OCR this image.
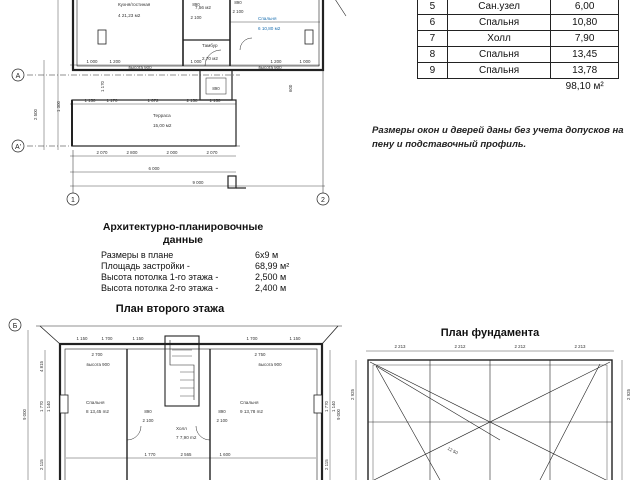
5	Сан.узел	6,00
6	Спальня	10,80
7	Холл	7,90
8	Спальня	13,45
9	Спальня	13,78
		98,10 м²
Размеры окон и дверей даны без учета допусков на пену и подставочный профиль.
Архитектурно-планировочные данные
Размеры в плане	6х9 м
Площадь застройки -	68,99 м²
Высота потолка 1-го этажа -	2,500 м
Высота потолка 2-го этажа -	2,400 м
План второго этажа
План фундамента
А
А'
1	2
Б
Кухня/гостиная
4 21,23 м2
7,56 м2
Спальня
6 10,80 м2
Тамбур
2,70 м2
Терраса
15,00 м2
1 000	1 200
высота 900
1 000	1 200
высота 900
1 000
1 150	1 170	1 672	2 158	1 150
2 070	2 800	2 000	2 070
6 000
9 000
890
2 100
890
2 100
890
2 500
1 300
1 170	600
Спальня
8 13,45 m2
Спальня
9 13,78 m2
Холл
7 7,90 m2
1 150	1 700	1 150	1 700	1 150
2 700	2 750
высота 900	высота 900
890
2 100
890
2 100
1 770	2 565	1 600
9 000
4 815
1 770 1 140
2 115
1 770 1 140
2 115
9 000
2 213	2 212	2 212	2 213
12 50
2 925	2 925
